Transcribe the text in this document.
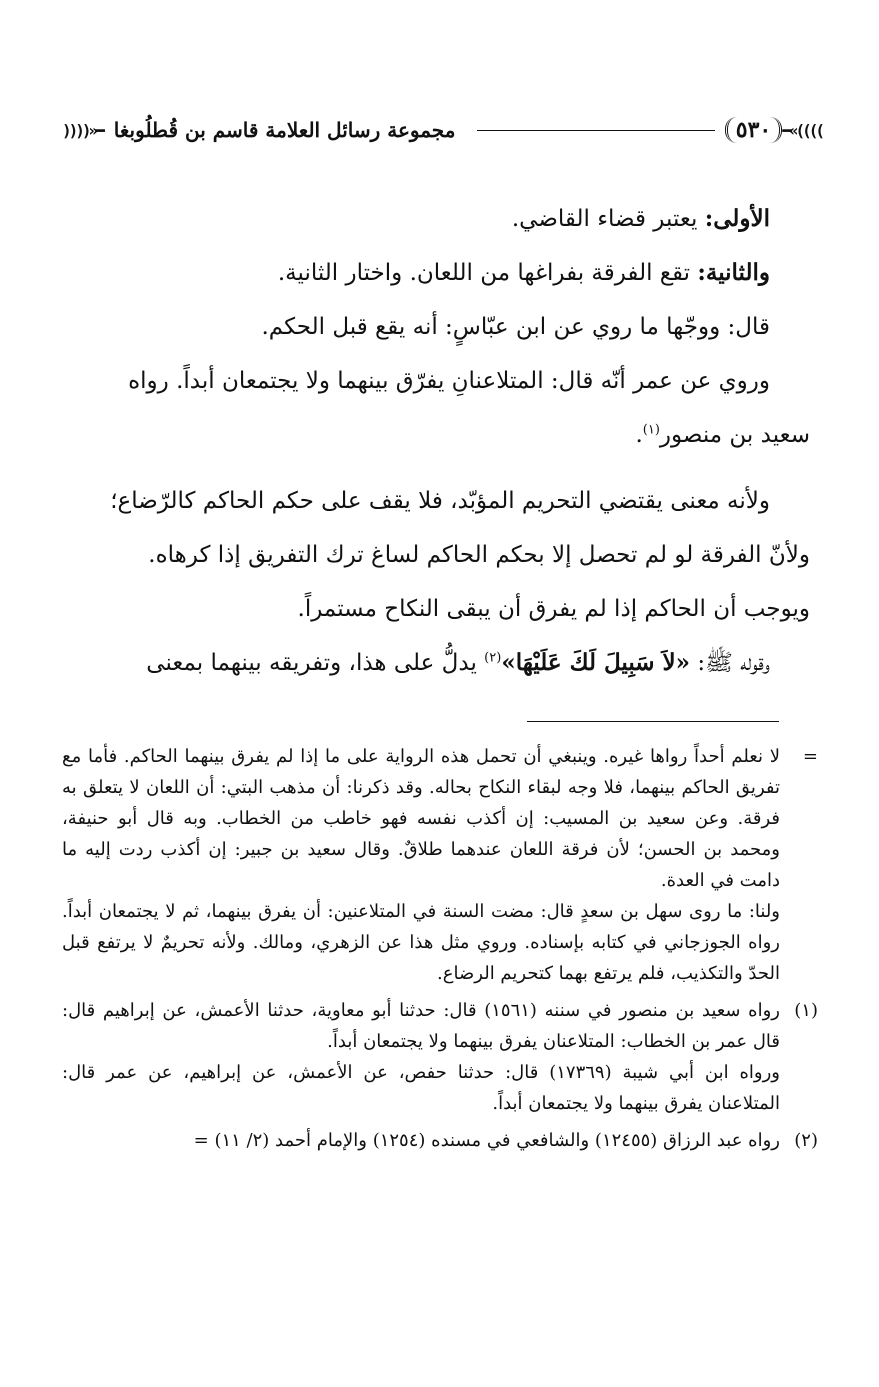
━«((((
٥٣٠
مجموعة رسائل العلامة قاسم بن قُطلُوبغا
))))»━

الأولى: يعتبر قضاء القاضي.

والثانية: تقع الفرقة بفراغها من اللعان. واختار الثانية.

قال: ووجّها ما روي عن ابن عبّاسٍ: أنه يقع قبل الحكم.

وروي عن عمر أنّه قال: المتلاعنانِ يفرّق بينهما ولا يجتمعان أبداً. رواه

سعيد بن منصور$^{(١)}$.

ولأنه معنى يقتضي التحريم المؤبّد، فلا يقف على حكم الحاكم كالرّضاع؛

ولأنّ الفرقة لو لم تحصل إلا بحكم الحاكم لساغ ترك التفريق إذا كرهاه.

ويوجب أن الحاكم إذا لم يفرق أن يبقى النكاح مستمراً.

وقوله ﷺ: «لاَ سَبِيلَ لَكَ عَلَيْهَا»$^{(٢)}$ يدلُّ على هذا، وتفريقه بينهما بمعنى

=

لا نعلم أحداً رواها غيره. وينبغي أن تحمل هذه الرواية على ما إذا لم يفرق بينهما الحاكم. فأما مع تفريق الحاكم بينهما، فلا وجه لبقاء النكاح بحاله. وقد ذكرنا: أن مذهب البتي: أن اللعان لا يتعلق به فرقة. وعن سعيد بن المسيب: إن أكذب نفسه فهو خاطب من الخطاب. وبه قال أبو حنيفة، ومحمد بن الحسن؛ لأن فرقة اللعان عندهما طلاقٌ. وقال سعيد بن جبير: إن أكذب ردت إليه ما دامت في العدة.

ولنا: ما روى سهل بن سعدٍ قال: مضت السنة في المتلاعنين: أن يفرق بينهما، ثم لا يجتمعان أبداً. رواه الجوزجاني في كتابه بإسناده. وروي مثل هذا عن الزهري، ومالك. ولأنه تحريمٌ لا يرتفع قبل الحدّ والتكذيب، فلم يرتفع بهما كتحريم الرضاع.

(١)

رواه سعيد بن منصور في سننه (١٥٦١) قال: حدثنا أبو معاوية، حدثنا الأعمش، عن إبراهيم قال: قال عمر بن الخطاب: المتلاعنان يفرق بينهما ولا يجتمعان أبداً.

ورواه ابن أبي شيبة (١٧٣٦٩) قال: حدثنا حفص، عن الأعمش، عن إبراهيم، عن عمر قال: المتلاعنان يفرق بينهما ولا يجتمعان أبداً.

(٢)

رواه عبد الرزاق (١٢٤٥٥) والشافعي في مسنده (١٢٥٤) والإمام أحمد (٢/ ١١) =
